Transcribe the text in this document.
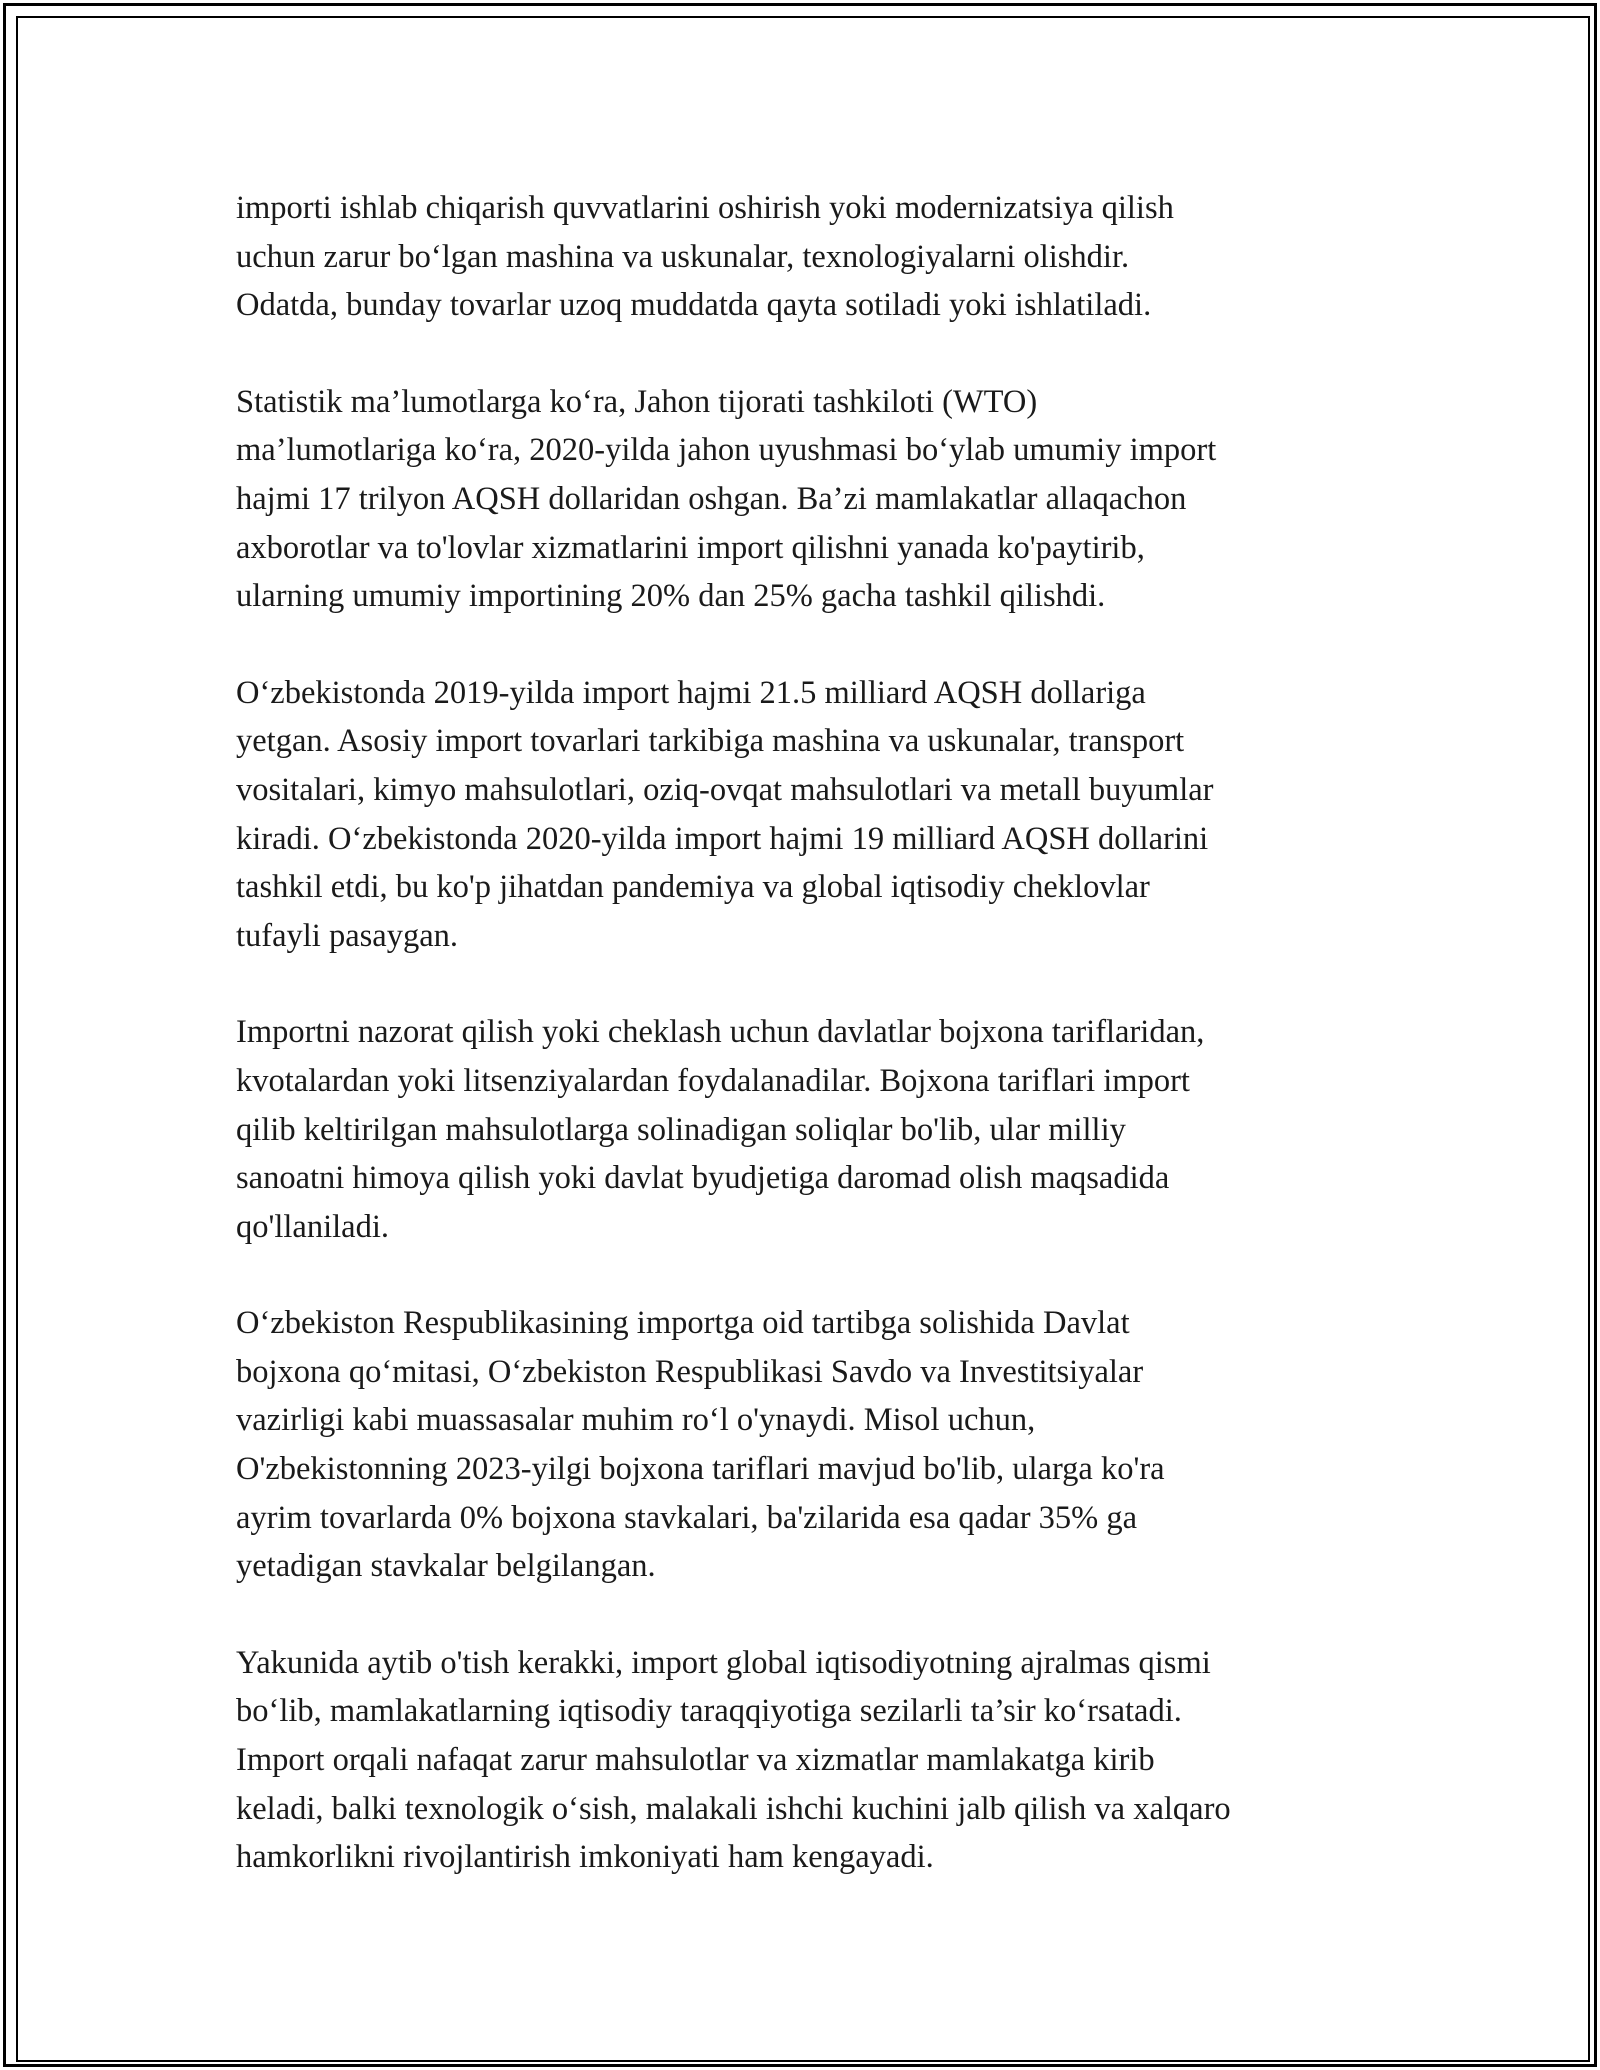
importi ishlab chiqarish quvvatlarini oshirish yoki modernizatsiya qilish
uchun zarur bo‘lgan mashina va uskunalar, texnologiyalarni olishdir.
Odatda, bunday tovarlar uzoq muddatda qayta sotiladi yoki ishlatiladi.

Statistik ma’lumotlarga ko‘ra, Jahon tijorati tashkiloti (WTO)
ma’lumotlariga ko‘ra, 2020-yilda jahon uyushmasi bo‘ylab umumiy import
hajmi 17 trilyon AQSH dollaridan oshgan. Ba’zi mamlakatlar allaqachon
axborotlar va to'lovlar xizmatlarini import qilishni yanada ko'paytirib,
ularning umumiy importining 20% dan 25% gacha tashkil qilishdi.

O‘zbekistonda 2019-yilda import hajmi 21.5 milliard AQSH dollariga
yetgan. Asosiy import tovarlari tarkibiga mashina va uskunalar, transport
vositalari, kimyo mahsulotlari, oziq-ovqat mahsulotlari va metall buyumlar
kiradi. O‘zbekistonda 2020-yilda import hajmi 19 milliard AQSH dollarini
tashkil etdi, bu ko'p jihatdan pandemiya va global iqtisodiy cheklovlar
tufayli pasaygan.

Importni nazorat qilish yoki cheklash uchun davlatlar bojxona tariflaridan,
kvotalardan yoki litsenziyalardan foydalanadilar. Bojxona tariflari import
qilib keltirilgan mahsulotlarga solinadigan soliqlar bo'lib, ular milliy
sanoatni himoya qilish yoki davlat byudjetiga daromad olish maqsadida
qo'llaniladi.

O‘zbekiston Respublikasining importga oid tartibga solishida Davlat
bojxona qo‘mitasi, O‘zbekiston Respublikasi Savdo va Investitsiyalar
vazirligi kabi muassasalar muhim ro‘l o'ynaydi. Misol uchun,
O'zbekistonning 2023-yilgi bojxona tariflari mavjud bo'lib, ularga ko'ra
ayrim tovarlarda 0% bojxona stavkalari, ba'zilarida esa qadar 35% ga
yetadigan stavkalar belgilangan.

Yakunida aytib o'tish kerakki, import global iqtisodiyotning ajralmas qismi
bo‘lib, mamlakatlarning iqtisodiy taraqqiyotiga sezilarli ta’sir ko‘rsatadi.
Import orqali nafaqat zarur mahsulotlar va xizmatlar mamlakatga kirib
keladi, balki texnologik o‘sish, malakali ishchi kuchini jalb qilish va xalqaro
hamkorlikni rivojlantirish imkoniyati ham kengayadi.
